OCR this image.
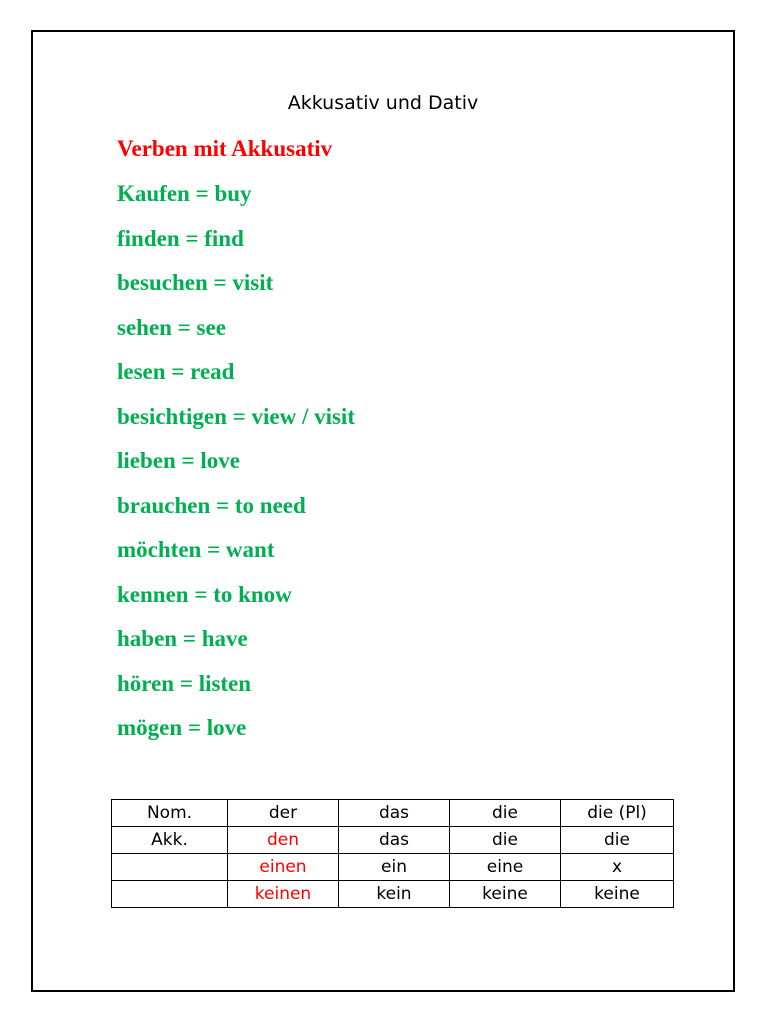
Akkusativ und Dativ
Verben mit Akkusativ
Kaufen = buy
finden = find
besuchen = visit
sehen = see
lesen = read
besichtigen = view / visit
lieben = love
brauchen = to need
möchten = want
kennen = to know
haben = have
hören = listen
mögen = love
Nom.	der	das	die	die (Pl)
Akk.	den	das	die	die
	einen	ein	eine	x
	keinen	kein	keine	keine
